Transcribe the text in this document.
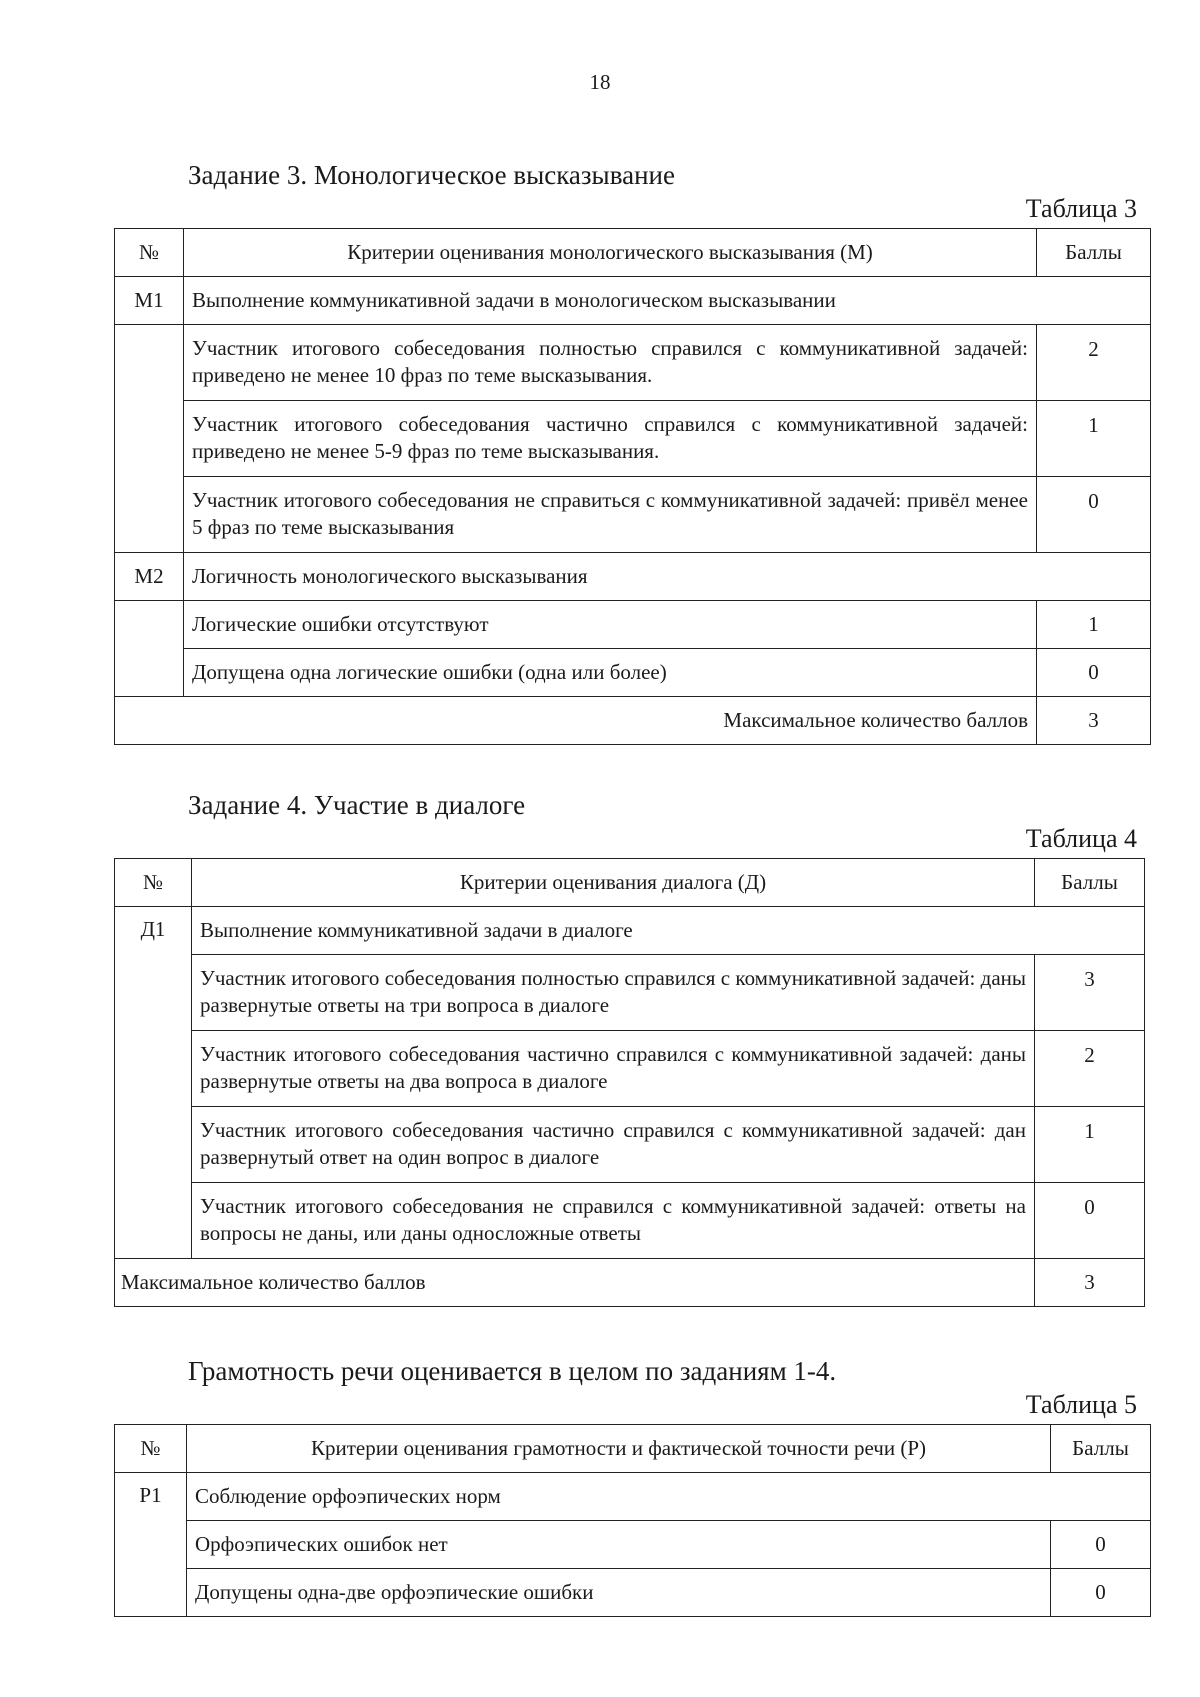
18
Задание 3. Монологическое высказывание
Таблица 3
№	Критерии оценивания монологического высказывания (М)	Баллы
М1	Выполнение коммуникативной задачи в монологическом высказывании	
	Участник итогового собеседования полностью справился с коммуникативной задачей: приведено не менее 10 фраз по теме высказывания.	2
	Участник итогового собеседования частично справился с коммуникативной задачей: приведено не менее 5-9 фраз по теме высказывания.	1
	Участник итогового собеседования не справиться с коммуникативной задачей: привёл менее 5 фраз по теме высказывания	0
М2	Логичность монологического высказывания	
	Логические ошибки отсутствуют	1
	Допущена одна логические ошибки (одна или более)	0
Максимальное количество баллов		3
Задание 4. Участие в диалоге
Таблица 4
№	Критерии оценивания диалога (Д)	Баллы
Д1	Выполнение коммуникативной задачи в диалоге	
	Участник итогового собеседования полностью справился с коммуникативной задачей: даны развернутые ответы на три вопроса в диалоге	3
	Участник итогового собеседования частично справился с коммуникативной задачей: даны развернутые ответы на два вопроса в диалоге	2
	Участник итогового собеседования частично справился с коммуникативной задачей: дан развернутый ответ на один вопрос в диалоге	1
	Участник итогового собеседования не справился с коммуникативной задачей: ответы на вопросы не даны, или даны односложные ответы	0
Максимальное количество баллов		3
Грамотность речи оценивается в целом по заданиям 1-4.
Таблица 5
№	Критерии оценивания грамотности и фактической точности речи (Р)	Баллы
Р1	Соблюдение орфоэпических норм	
	Орфоэпических ошибок нет	0
	Допущены одна-две орфоэпические ошибки	0
